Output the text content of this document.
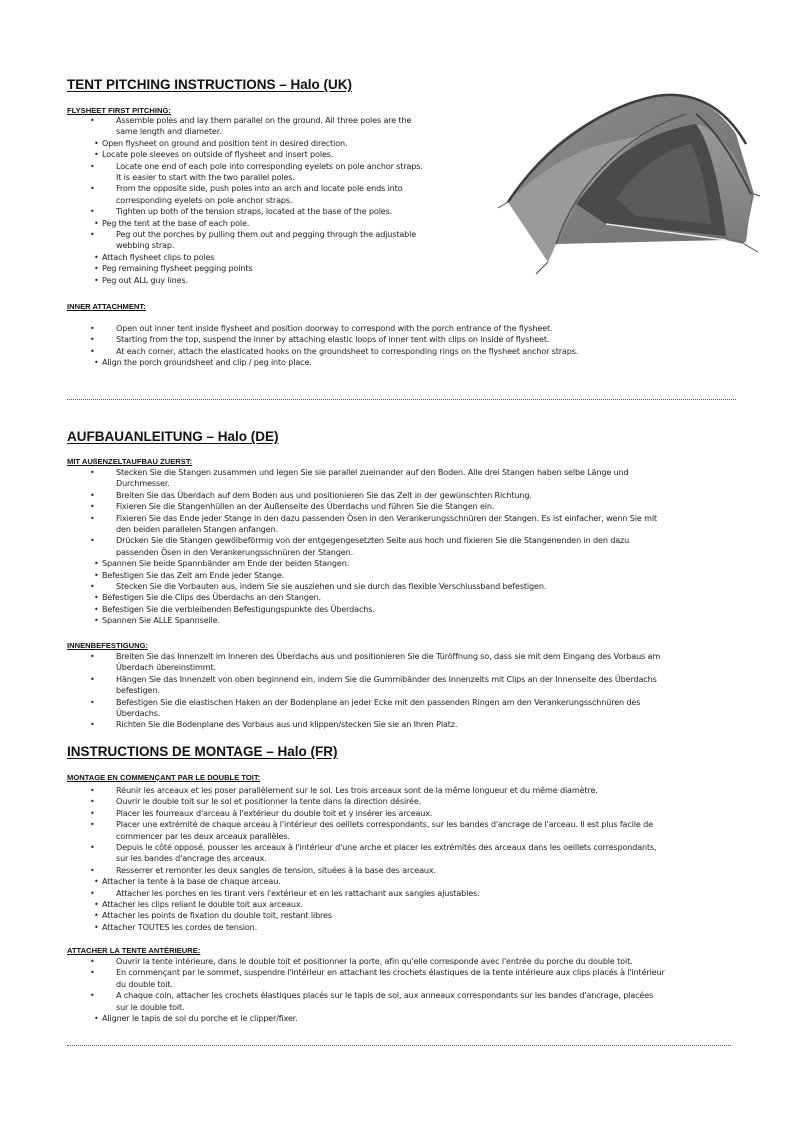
TENT PITCHING INSTRUCTIONS – Halo (UK)
FLYSHEET FIRST PITCHING:
•	Assemble poles and lay them parallel on the ground. All three poles are the
same length and diameter.
• Open flysheet on ground and position tent in desired direction.
• Locate pole sleeves on outside of flysheet and insert poles.
•	Locate one end of each pole into corresponding eyelets on pole anchor straps.
It is easier to start with the two parallel poles.
•	From the opposite side, push poles into an arch and locate pole ends into
corresponding eyelets on pole anchor straps.
•	Tighten up both of the tension straps, located at the base of the poles.
• Peg the tent at the base of each pole.
•	Peg out the porches by pulling them out and pegging through the adjustable
webbing strap.
• Attach flysheet clips to poles
• Peg remaining flysheet pegging points
• Peg out ALL guy lines.
INNER ATTACHMENT:
•	Open out inner tent inside flysheet and position doorway to correspond with the porch entrance of the flysheet.
•	Starting from the top, suspend the inner by attaching elastic loops of inner tent with clips on inside of flysheet.
•	At each corner, attach the elasticated hooks on the groundsheet to corresponding rings on the flysheet anchor straps.
• Align the porch groundsheet and clip / peg into place.
AUFBAUANLEITUNG – Halo (DE)
MIT AUßENZELTAUFBAU ZUERST:
•	Stecken Sie die Stangen zusammen und legen Sie sie parallel zueinander auf den Boden. Alle drei Stangen haben selbe Länge und
Durchmesser.
•	Breiten Sie das Überdach auf dem Boden aus und positionieren Sie das Zelt in der gewünschten Richtung.
•	Fixieren Sie die Stangenhüllen an der Außenseite des Überdachs und führen Sie die Stangen ein.
•	Fixieren Sie das Ende jeder Stange in den dazu passenden Ösen in den Verankerungsschnüren der Stangen. Es ist einfacher, wenn Sie mit
den beiden parallelen Stangen anfangen.
•	Drücken Sie die Stangen gewölbeförmig von der entgegengesetzten Seite aus hoch und fixieren Sie die Stangenenden in den dazu
passenden Ösen in den Verankerungsschnüren der Stangen.
• Spannen Sie beide Spannbänder am Ende der beiden Stangen.
• Befestigen Sie das Zelt am Ende jeder Stange.
•	Stecken Sie die Vorbauten aus, indem Sie sie ausziehen und sie durch das flexible Verschlussband befestigen.
• Befestigen Sie die Clips des Überdachs an den Stangen.
• Befestigen Sie die verbleibenden Befestigungspunkte des Überdachs.
• Spannen Sie ALLE Spannseile.
INNENBEFESTIGUNG:
•	Breiten Sie das Innenzelt im Inneren des Überdachs aus und positionieren Sie die Türöffnung so, dass sie mit dem Eingang des Vorbaus am
Überdach übereinstimmt.
•	Hängen Sie das Innenzelt von oben beginnend ein, indem Sie die Gummibänder des Innenzelts mit Clips an der Innenseite des Überdachs
befestigen.
•	Befestigen Sie die elastischen Haken an der Bodenplane an jeder Ecke mit den passenden Ringen am den Verankerungsschnüren des
Überdachs.
•	Richten Sie die Bodenplane des Vorbaus aus und klippen/stecken Sie sie an Ihren Platz.
INSTRUCTIONS DE MONTAGE – Halo (FR)
MONTAGE EN COMMENÇANT PAR LE DOUBLE TOIT:
•	Réunir les arceaux et les poser parallèlement sur le sol. Les trois arceaux sont de la même longueur et du même diamètre.
•	Ouvrir le double toit sur le sol et positionner la tente dans la direction désirée.
•	Placer les fourreaux d'arceau à l'extérieur du double toit et y insérer les arceaux.
•	Placer une extrémité de chaque arceau à l'intérieur des oeillets correspondants, sur les bandes d'ancrage de l'arceau. Il est plus facile de
commencer par les deux arceaux parallèles.
•	Depuis le côté opposé, pousser les arceaux à l'intérieur d'une arche et placer les extrémités des arceaux dans les oeillets correspondants,
sur les bandes d'ancrage des arceaux.
•	Resserrer et remonter les deux sangles de tension, situées à la base des arceaux.
• Attacher la tente à la base de chaque arceau.
•	Attacher les porches en les tirant vers l'extérieur et en les rattachant aux sangles ajustables.
• Attacher les clips reliant le double toit aux arceaux.
• Attacher les points de fixation du double toit, restant libres
• Attacher TOUTES les cordes de tension.
ATTACHER LA TENTE ANTÉRIEURE:
•	Ouvrir la tente intérieure, dans le double toit et positionner la porte, afin qu'elle corresponde avec l'entrée du porche du double toit.
•	En commençant par le sommet, suspendre l'intérieur en attachant les crochets élastiques de la tente intérieure aux clips placés à l'intérieur
du double toit.
•	A chaque coin, attacher les crochets élastiques placés sur le tapis de sol, aux anneaux correspondants sur les bandes d'ancrage, placées
sur le double toit.
• Aligner le tapis de sol du porche et le clipper/fixer.
